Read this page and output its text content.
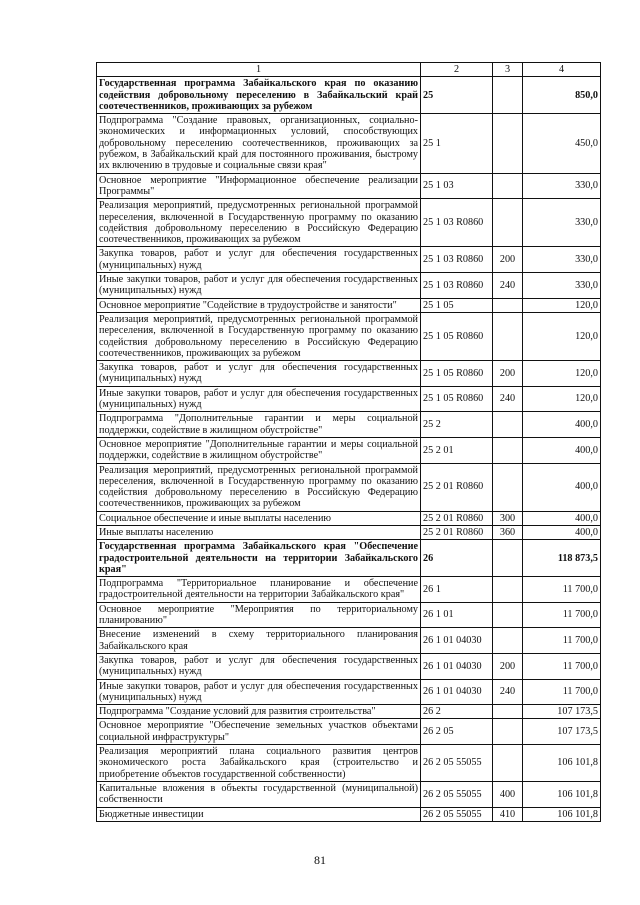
1	2	3	4
Государственная программа Забайкальского края по оказанию содействия добровольному переселению в Забайкальский край соотечественников, проживающих за рубежом	25		850,0
Подпрограмма "Создание правовых, организационных, социально-экономических и информационных условий, способствующих добровольному переселению соотечественников, проживающих за рубежом, в Забайкальский край для постоянного проживания, быстрому их включению в трудовые и социальные связи края"	25 1		450,0
Основное мероприятие "Информационное обеспечение реализации Программы"	25 1 03		330,0
Реализация мероприятий, предусмотренных региональной программой переселения, включенной в Государственную программу по оказанию содействия добровольному переселению в Российскую Федерацию соотечественников, проживающих за рубежом	25 1 03 R0860		330,0
Закупка товаров, работ и услуг для обеспечения государственных (муниципальных) нужд	25 1 03 R0860	200	330,0
Иные закупки товаров, работ и услуг для обеспечения государственных (муниципальных) нужд	25 1 03 R0860	240	330,0
Основное мероприятие "Содействие в трудоустройстве и занятости"	25 1 05		120,0
Реализация мероприятий, предусмотренных региональной программой переселения, включенной в Государственную программу по оказанию содействия добровольному переселению в Российскую Федерацию соотечественников, проживающих за рубежом	25 1 05 R0860		120,0
Закупка товаров, работ и услуг для обеспечения государственных (муниципальных) нужд	25 1 05 R0860	200	120,0
Иные закупки товаров, работ и услуг для обеспечения государственных (муниципальных) нужд	25 1 05 R0860	240	120,0
Подпрограмма "Дополнительные гарантии и меры социальной поддержки, содействие в жилищном обустройстве"	25 2		400,0
Основное мероприятие "Дополнительные гарантии и меры социальной поддержки, содействие в жилищном обустройстве"	25 2 01		400,0
Реализация мероприятий, предусмотренных региональной программой переселения, включенной в Государственную программу по оказанию содействия добровольному переселению в Российскую Федерацию соотечественников, проживающих за рубежом	25 2 01 R0860		400,0
Социальное обеспечение и иные выплаты населению	25 2 01 R0860	300	400,0
Иные выплаты населению	25 2 01 R0860	360	400,0
Государственная программа Забайкальского края "Обеспечение градостроительной деятельности на территории Забайкальского края"	26		118 873,5
Подпрограмма "Территориальное планирование и обеспечение градостроительной деятельности на территории Забайкальского края"	26 1		11 700,0
Основное мероприятие "Мероприятия по территориальному планированию"	26 1 01		11 700,0
Внесение изменений в схему территориального планирования Забайкальского края	26 1 01 04030		11 700,0
Закупка товаров, работ и услуг для обеспечения государственных (муниципальных) нужд	26 1 01 04030	200	11 700,0
Иные закупки товаров, работ и услуг для обеспечения государственных (муниципальных) нужд	26 1 01 04030	240	11 700,0
Подпрограмма "Создание условий для развития строительства"	26 2		107 173,5
Основное мероприятие "Обеспечение земельных участков объектами социальной инфраструктуры"	26 2 05		107 173,5
Реализация мероприятий плана социального развития центров экономического роста Забайкальского края (строительство и приобретение объектов государственной собственности)	26 2 05 55055		106 101,8
Капитальные вложения в объекты государственной (муниципальной) собственности	26 2 05 55055	400	106 101,8
Бюджетные инвестиции	26 2 05 55055	410	106 101,8
81
